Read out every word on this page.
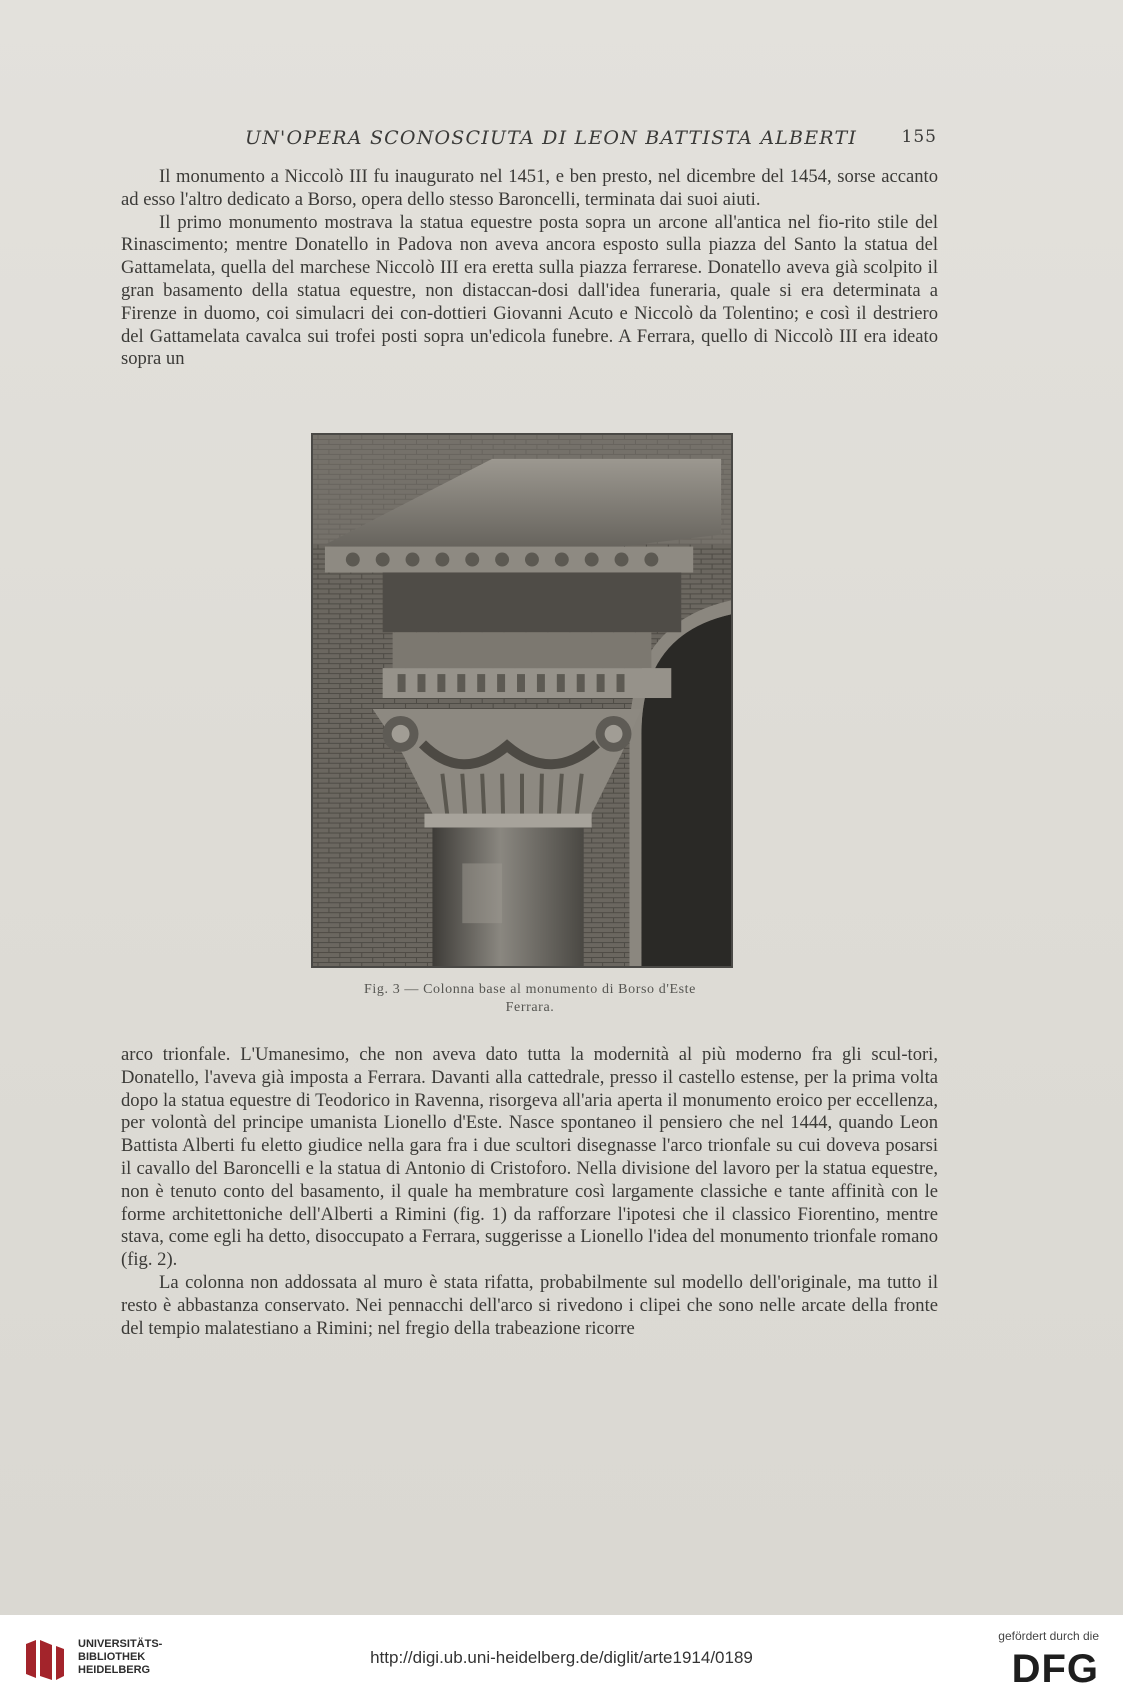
UN'OPERA SCONOSCIUTA DI LEON BATTISTA ALBERTI	155

Il monumento a Niccolò III fu inaugurato nel 1451, e ben presto, nel dicembre del 1454, sorse accanto ad esso l'altro dedicato a Borso, opera dello stesso Baroncelli, terminata dai suoi aiuti.

Il primo monumento mostrava la statua equestre posta sopra un arcone all'antica nel fio-rito stile del Rinascimento; mentre Donatello in Padova non aveva ancora esposto sulla piazza del Santo la statua del Gattamelata, quella del marchese Niccolò III era eretta sulla piazza ferrarese. Donatello aveva già scolpito il gran basamento della statua equestre, non distaccan-dosi dall'idea funeraria, quale si era determinata a Firenze in duomo, coi simulacri dei con-dottieri Giovanni Acuto e Niccolò da Tolentino; e così il destriero del Gattamelata cavalca sui trofei posti sopra un'edicola funebre. A Ferrara, quello di Niccolò III era ideato sopra un

Fig. 3 — Colonna base al monumento di Borso d'Este
Ferrara.

arco trionfale. L'Umanesimo, che non aveva dato tutta la modernità al più moderno fra gli scul-tori, Donatello, l'aveva già imposta a Ferrara. Davanti alla cattedrale, presso il castello estense, per la prima volta dopo la statua equestre di Teodorico in Ravenna, risorgeva all'aria aperta il monumento eroico per eccellenza, per volontà del principe umanista Lionello d'Este. Nasce spontaneo il pensiero che nel 1444, quando Leon Battista Alberti fu eletto giudice nella gara fra i due scultori disegnasse l'arco trionfale su cui doveva posarsi il cavallo del Baroncelli e la statua di Antonio di Cristoforo. Nella divisione del lavoro per la statua equestre, non è tenuto conto del basamento, il quale ha membrature così largamente classiche e tante affinità con le forme architettoniche dell'Alberti a Rimini (fig. 1) da rafforzare l'ipotesi che il classico Fiorentino, mentre stava, come egli ha detto, disoccupato a Ferrara, suggerisse a Lionello l'idea del monumento trionfale romano (fig. 2).

La colonna non addossata al muro è stata rifatta, probabilmente sul modello dell'originale, ma tutto il resto è abbastanza conservato. Nei pennacchi dell'arco si rivedono i clipei che sono nelle arcate della fronte del tempio malatestiano a Rimini; nel fregio della trabeazione ricorre

UNIVERSITÄTS-
BIBLIOTHEK
HEIDELBERG
http://digi.ub.uni-heidelberg.de/diglit/arte1914/0189
gefördert durch die
DFG
